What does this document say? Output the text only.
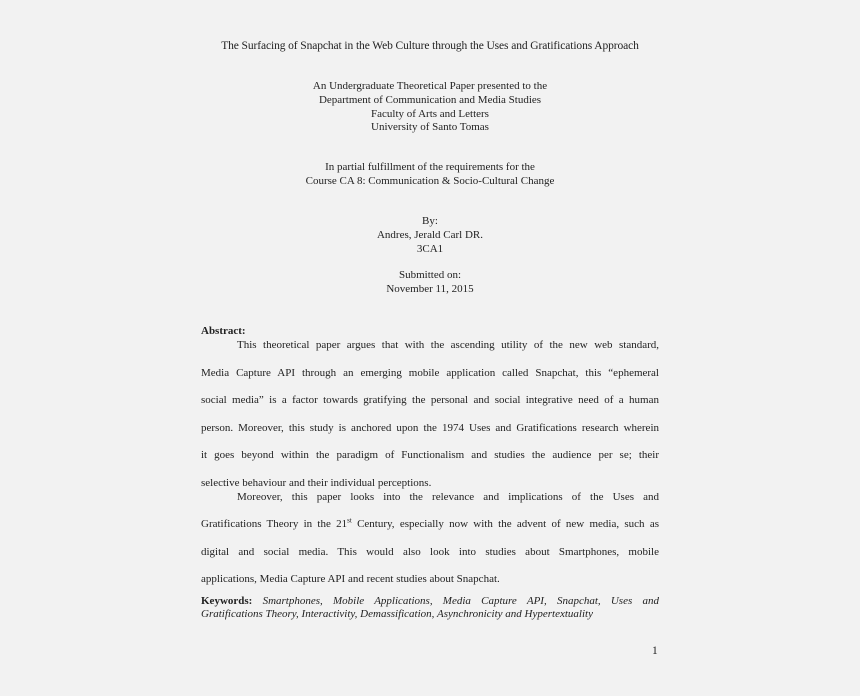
The Surfacing of Snapchat in the Web Culture through the Uses and Gratifications Approach
An Undergraduate Theoretical Paper presented to the
Department of Communication and Media Studies
Faculty of Arts and Letters
University of Santo Tomas
In partial fulfillment of the requirements for the
Course CA 8: Communication & Socio-Cultural Change
By:
Andres, Jerald Carl DR.
3CA1
Submitted on:
November 11, 2015
Abstract:
This theoretical paper argues that with the ascending utility of the new web standard,
Media Capture API through an emerging mobile application called Snapchat, this “ephemeral
social media” is a factor towards gratifying the personal and social integrative need of a human
person. Moreover, this study is anchored upon the 1974 Uses and Gratifications research wherein
it goes beyond within the paradigm of Functionalism and studies the audience per se; their
selective behaviour and their individual perceptions.
Moreover, this paper looks into the relevance and implications of the Uses and
Gratifications Theory in the 21st Century, especially now with the advent of new media, such as
digital and social media. This would also look into studies about Smartphones, mobile
applications, Media Capture API and recent studies about Snapchat.
Keywords: Smartphones, Mobile Applications, Media Capture API, Snapchat, Uses and
Gratifications Theory, Interactivity, Demassification, Asynchronicity and Hypertextuality
1
